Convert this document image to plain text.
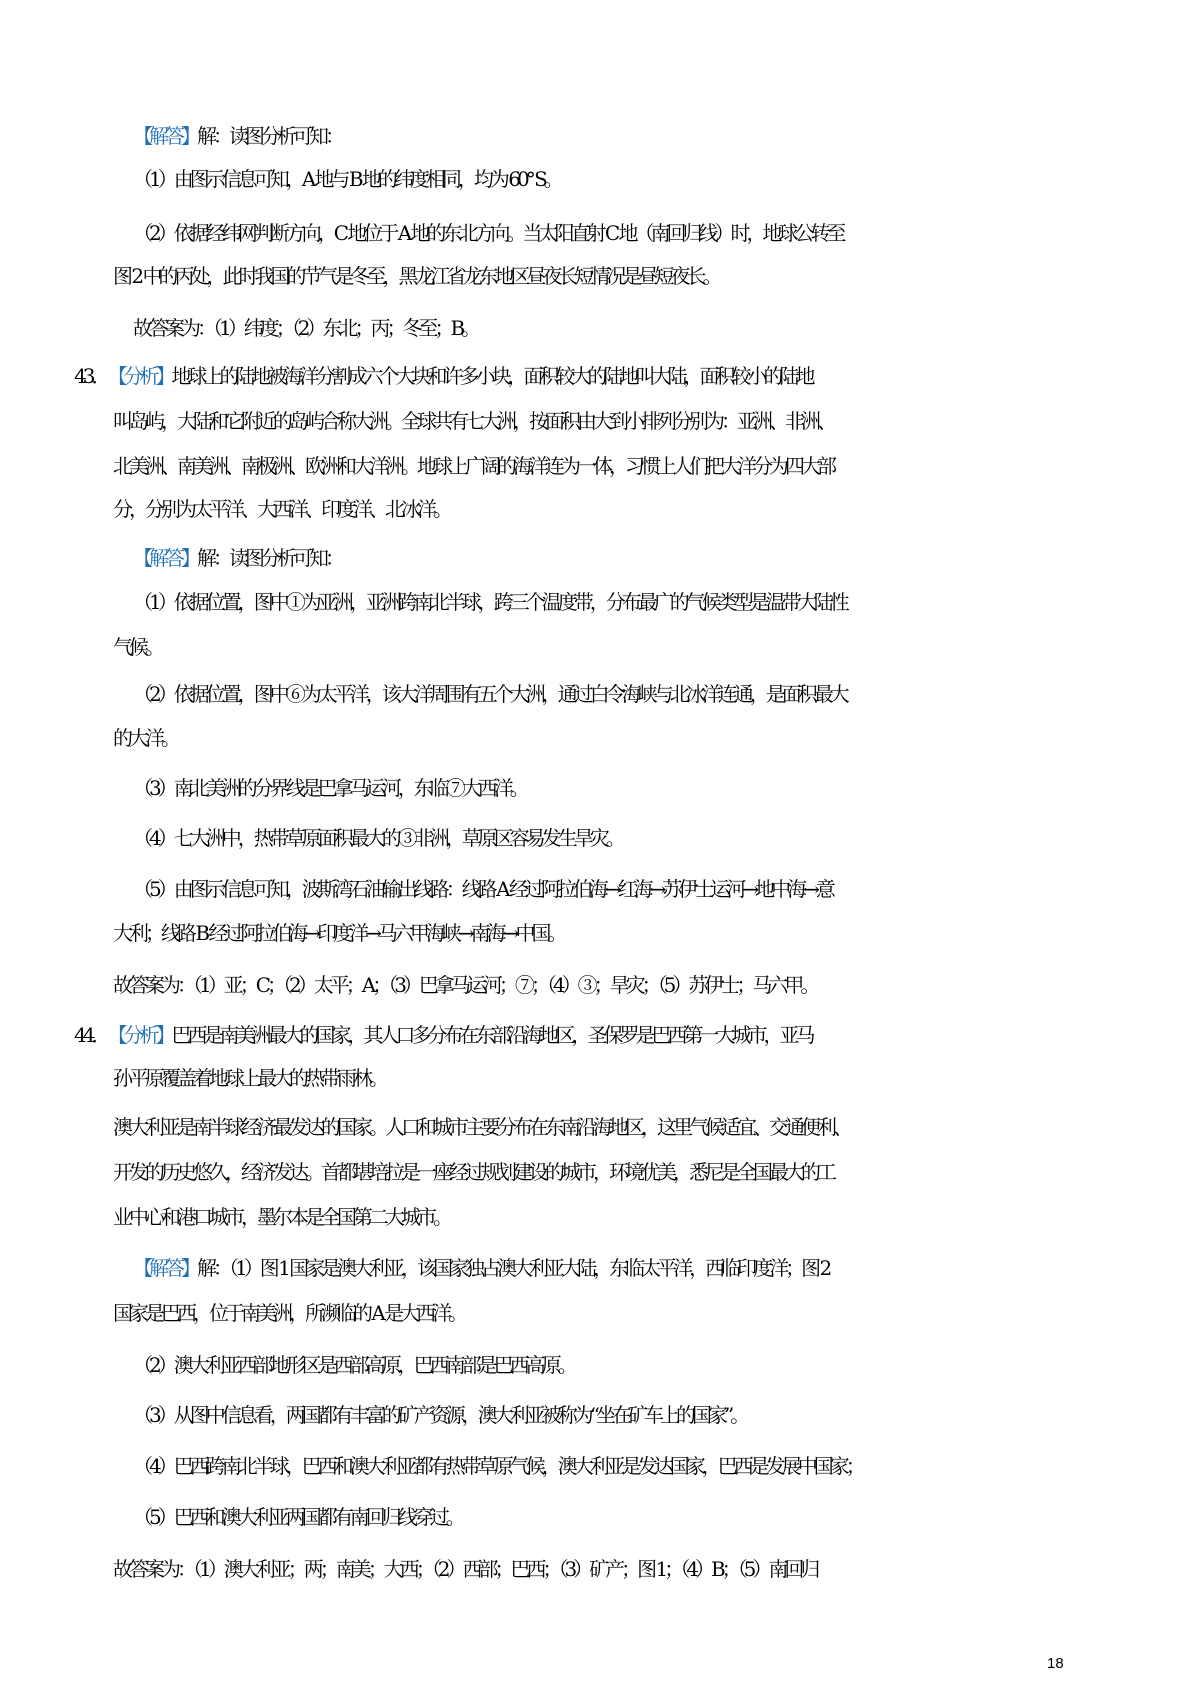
【解答】解：读图分析可知：
（1）由图示信息可知，A 地与 B 地的纬度相同，均为 60° S。
（2）依据经纬网判断方向，C 地位于 A 地的东北方向。当太阳直射 C 地（南回归线）时，地球公转至
图 2 中的丙处，此时我国的节气是冬至，黑龙江省龙东地区昼夜长短情况是昼短夜长。
故答案为：（1）纬度；（2）东北；丙；冬至；B。
43．【分析】地球上的陆地被海洋分割成六个大块和许多小块，面积较大的陆地叫大陆，面积较小的陆地
叫岛屿，大陆和它附近的岛屿合称大洲。全球共有七大洲，按面积由大到小排列分别为：亚洲、非洲、
北美洲、南美洲、南极洲、欧洲和大洋洲。地球上广阔的海洋连为一体，习惯上人们把大洋分为四大部
分，分别为太平洋、大西洋、印度洋、北冰洋。
【解答】解：读图分析可知：
（1）依据位置，图中①为亚洲，亚洲跨南北半球，跨三个温度带，分布最广的气候类型是温带大陆性
气候。
（2）依据位置，图中⑥为太平洋，该大洋周围有五个大洲，通过白令海峡与北冰洋连通，是面积最大
的大洋。
（3）南北美洲的分界线是巴拿马运河，东临⑦大西洋。
（4）七大洲中，热带草原面积最大的③非洲，草原区容易发生旱灾。
（5）由图示信息可知，波斯湾石油输出线路：线路 A 经过阿拉伯海→红海→苏伊士运河→地中海→意
大利；线路 B 经过阿拉伯海→印度洋→马六甲海峡→南海→中国。
故答案为：（1）亚；C；（2）太平；A；（3）巴拿马运河；⑦；（4）③；旱灾；（5）苏伊士；马六甲。
44．【分析】巴西是南美洲最大的国家，其人口多分布在东部沿海地区，圣保罗是巴西第一大城市，亚马
孙平原覆盖着地球上最大的热带雨林。
澳大利亚是南半球经济最发达的国家。人口和城市主要分布在东南沿海地区，这里气候适宜、交通便利、
开发的历史悠久，经济发达。首都堪培拉是一座经过规划建设的城市，环境优美，悉尼是全国最大的工
业中心和港口城市，墨尔本是全国第二大城市。
【解答】解：（1）图 1 国家是澳大利亚，该国家独占澳大利亚大陆，东临太平洋，西临印度洋；图 2
国家是巴西，位于南美洲，所濒临的 A 是大西洋。
（2）澳大利亚西部地形区是西部高原，巴西南部是巴西高原。
（3）从图中信息看，两国都有丰富的矿产资源，澳大利亚被称为“坐在矿车上的国家”。
（4）巴西跨南北半球，巴西和澳大利亚都有热带草原气候，澳大利亚是发达国家，巴西是发展中国家；
（5）巴西和澳大利亚两国都有南回归线穿过。
故答案为：（1）澳大利亚；两；南美；大西；（2）西部；巴西；（3）矿产；图 1；（4）B；（5）南回归
18
